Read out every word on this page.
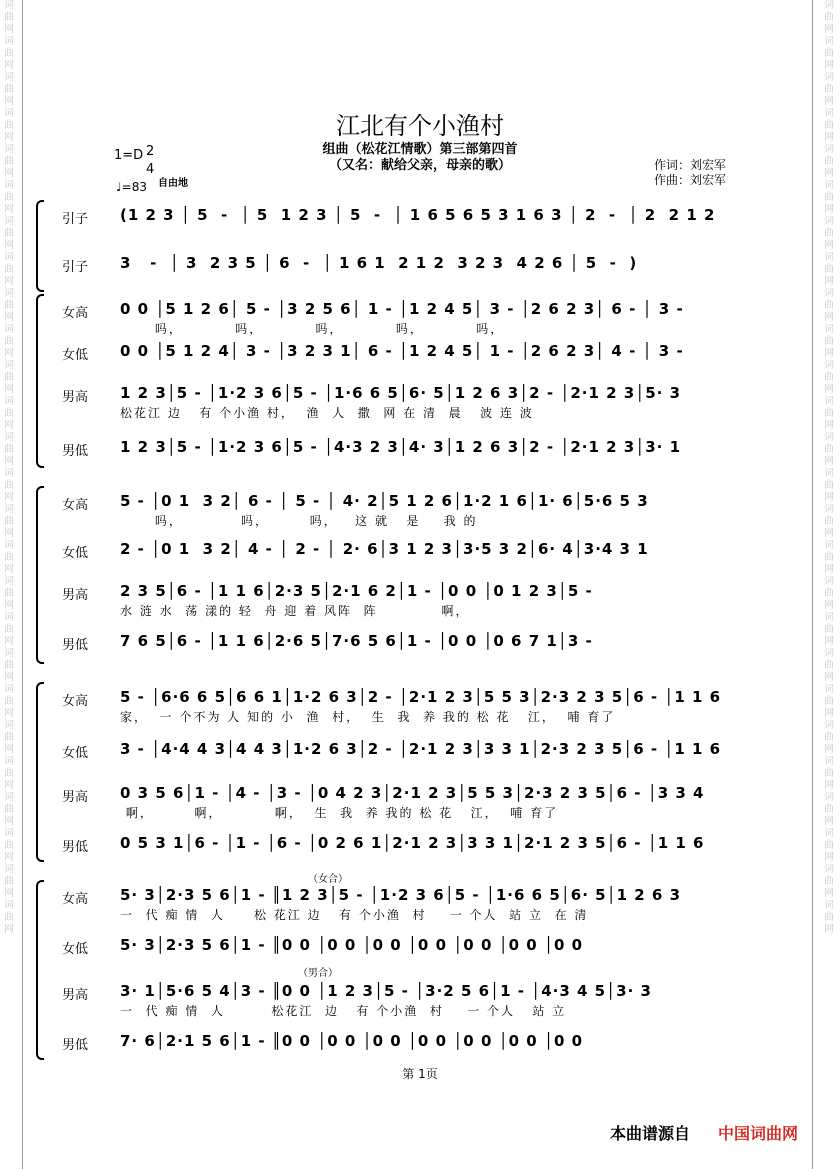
词曲网词曲网词曲网词曲网词曲网词曲网词曲网词曲网词曲网词曲网词曲网词曲网词曲网词曲网词曲网词曲网词曲网词曲网词曲网词曲网词曲网词曲网词曲网词曲网词曲网词曲网
词曲网词曲网词曲网词曲网词曲网词曲网词曲网词曲网词曲网词曲网词曲网词曲网词曲网词曲网词曲网词曲网词曲网词曲网词曲网词曲网词曲网词曲网词曲网词曲网词曲网词曲网
江北有个小渔村
组曲（松花江情歌）第三部第四首
（又名：献给父亲，母亲的歌）	作词：刘宏军
作曲：刘宏军
1=D 2
4
♩=83 自由地
引子	(1 2 3 │ 5  -  │ 5  1 2 3 │ 5  -  │ 1 6 5 6 5 3 1 6 3 │ 2  -  │ 2  2 1 2
引子	3   -  │ 3  2 3 5 │ 6  -  │ 1 6 1  2 1 2  3 2 3  4 2 6 │ 5  -  )
女高	0 0 │5 1 2 6│ 5 - │3 2 5 6│ 1 - │1 2 4 5│ 3 - │2 6 2 3│ 6 - │ 3 -
吗，         吗，         吗，         吗，         吗，
女低	0 0 │5 1 2 4│ 3 - │3 2 3 1│ 6 - │1 2 4 5│ 1 - │2 6 2 3│ 4 - │ 3 -
男高	1 2 3│5 - │1·2 3 6│5 - │1·6 6 5│6· 5│1 2 6 3│2 - │2·1 2 3│5· 3
松花江 边   有 个小渔 村，  渔  人  撒  网 在 清  晨   波 连 波
男低	1 2 3│5 - │1·2 3 6│5 - │4·3 2 3│4· 3│1 2 6 3│2 - │2·1 2 3│3· 1
女高	5 - │0 1  3 2│ 6 - │ 5 - │ 4· 2│5 1 2 6│1·2 1 6│1· 6│5·6 5 3
吗，          吗，       吗，   这 就   是    我 的
女低	2 - │0 1  3 2│ 4 - │ 2 - │ 2· 6│3 1 2 3│3·5 3 2│6· 4│3·4 3 1
男高	2 3 5│6 - │1 1 6│2·3 5│2·1 6 2│1 - │0 0 │0 1 2 3│5 -
水 涟 水  荡 漾的 轻  舟 迎 着 风阵  阵           啊，
男低	7 6 5│6 - │1 1 6│2·6 5│7·6 5 6│1 - │0 0 │0 6 7 1│3 -
女高	5 - │6·6 6 5│6 6 1│1·2 6 3│2 - │2·1 2 3│5 5 3│2·3 2 3 5│6 - │1 1 6
家，  一 个不为 人 知的 小  渔  村，  生  我  养 我的 松 花   江，  哺 育了
女低	3 - │4·4 4 3│4 4 3│1·2 6 3│2 - │2·1 2 3│3 3 1│2·3 2 3 5│6 - │1 1 6
男高	0 3 5 6│1 - │4 - │3 - │0 4 2 3│2·1 2 3│5 5 3│2·3 2 3 5│6 - │3 3 4
啊，       啊，         啊，  生  我  养 我的 松 花   江，  哺 育了
男低	0 5 3 1│6 - │1 - │6 - │0 2 6 1│2·1 2 3│3 3 1│2·1 2 3 5│6 - │1 1 6
女高	5· 3│2·3 5 6│1 - ║1 2 3│5 - │1·2 3 6│5 - │1·6 6 5│6· 5│1 2 6 3
一  代 痴 情  人     松 花江 边   有 个小渔  村    一 个人  站 立  在 清
女低	5· 3│2·3 5 6│1 - ║0 0 │0 0 │0 0 │0 0 │0 0 │0 0 │0 0
男高	3· 1│5·6 5 4│3 - ║0 0 │1 2 3│5 - │3·2 5 6│1 - │4·3 4 5│3· 3
一  代 痴 情  人        松花江  边   有 个小渔  村    一 个人   站 立
男低	7· 6│2·1 5 6│1 - ║0 0 │0 0 │0 0 │0 0 │0 0 │0 0 │0 0
（女合）
（男合）
第 1页
本曲谱源自 中国词曲网
